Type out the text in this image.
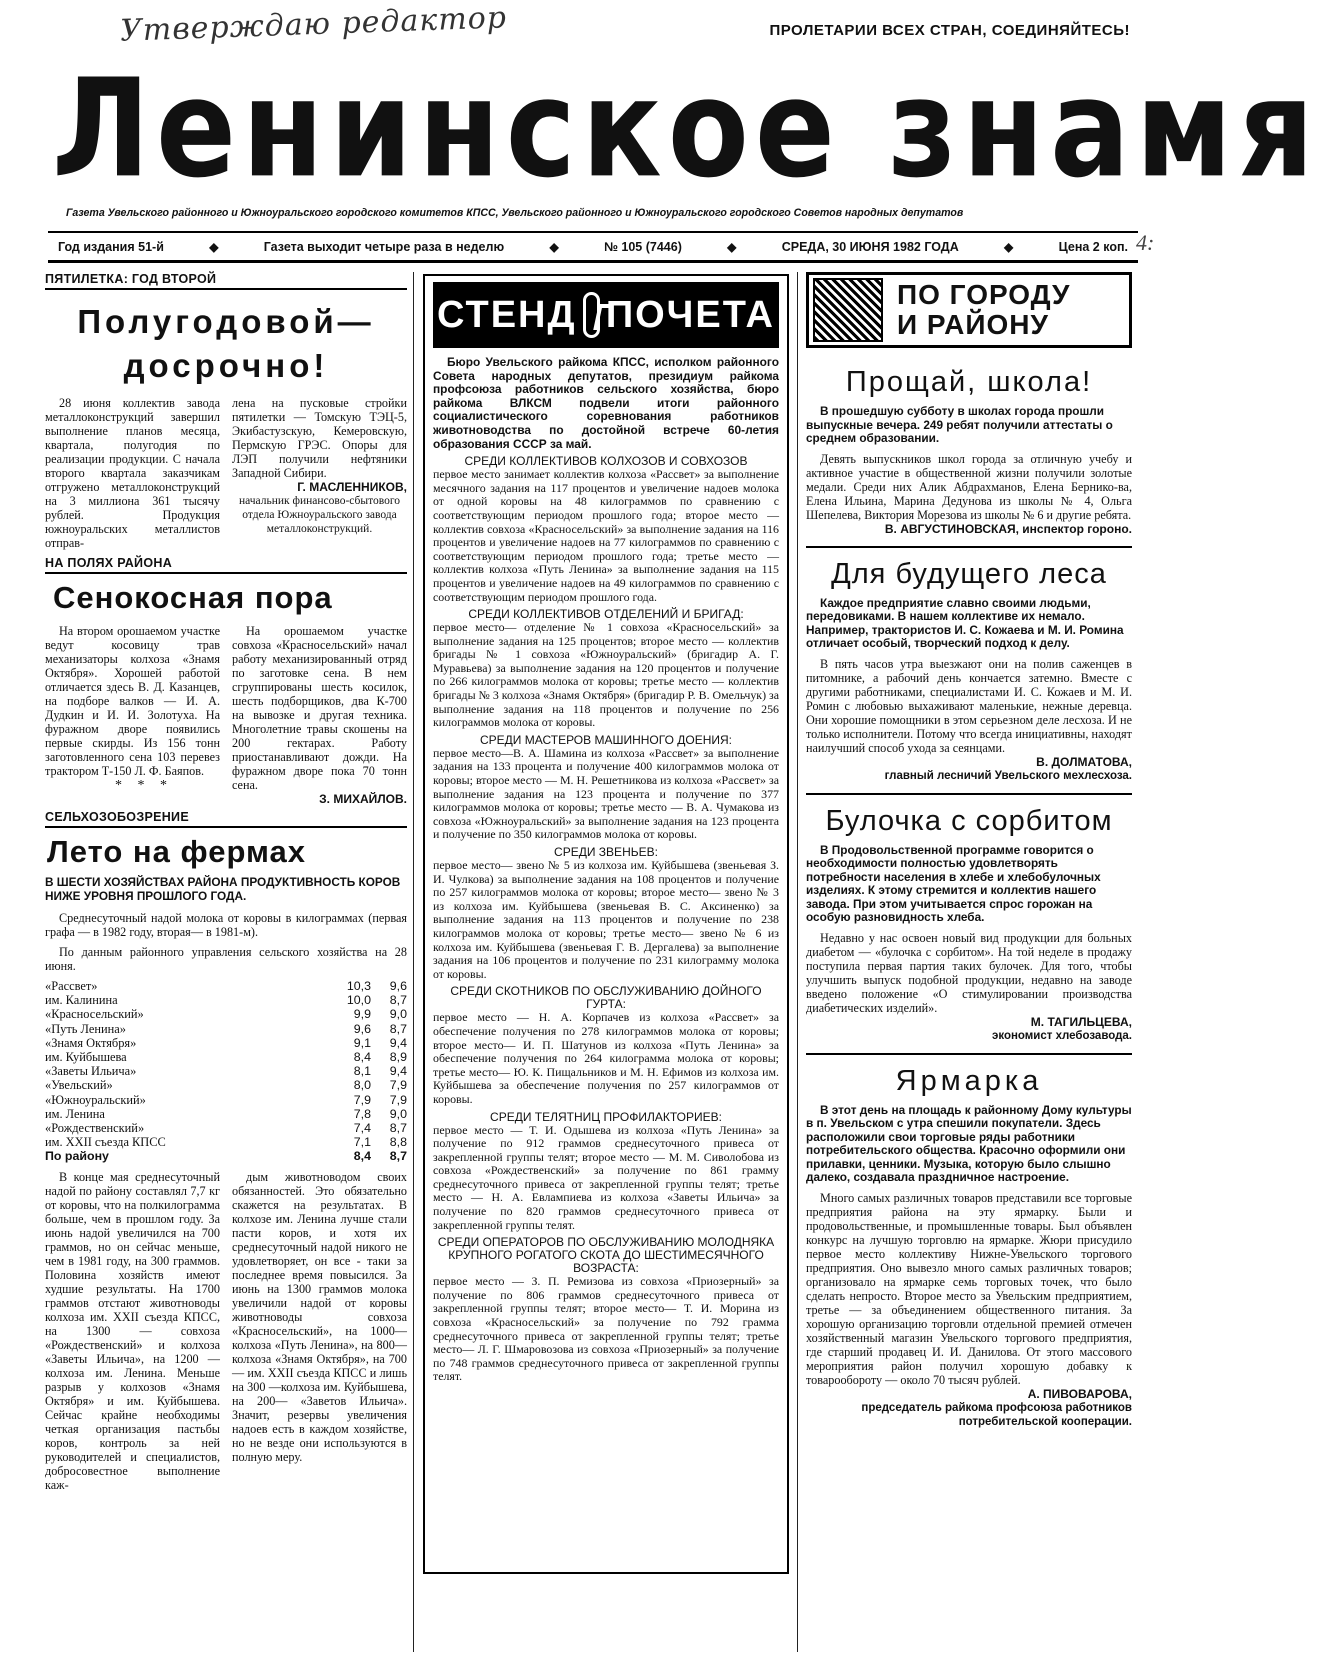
Утверждаю редактор	ПРОЛЕТАРИИ ВСЕХ СТРАН, СОЕДИНЯЙТЕСЬ!
Ленинское знамя
Газета Увельского районного и Южноуральского городского комитетов КПСС, Увельского районного и Южноуральского городского Советов народных депутатов
Год издания 51-й	◆	Газета выходит четыре раза в неделю	◆	№ 105 (7446)	◆	СРЕДА, 30 ИЮНЯ 1982 ГОДА	◆	Цена 2 коп. 4:
ПЯТИЛЕТКА: ГОД ВТОРОЙ
Полугодовой—
досрочно!
28 июня коллектив завода металлоконструкций завершил выполнение планов месяца, квартала, полугодия по реализации продукции. С начала второго квартала заказчикам отгружено металлоконструкций на 3 миллиона 361 тысячу рублей. Продукция южноуральских металлистов отправ-
лена на пусковые стройки пятилетки — Томскую ТЭЦ-5, Экибастузскую, Кемеровскую, Пермскую ГРЭС. Опоры для ЛЭП получили нефтяники Западной Сибири.
Г. МАСЛЕННИКОВ,
начальник финансово-сбытового отдела Южноуральского завода металлоконструкций.
НА ПОЛЯХ РАЙОНА
Сенокосная пора
На втором орошаемом участке ведут косовицу трав механизаторы колхоза «Знамя Октября». Хорошей работой отличается здесь В. Д. Казанцев, на подборе валков — И. А. Дудкин и И. И. Золотуха. На фуражном дворе появились первые скирды. Из 156 тонн заготовленного сена 103 перевез трактором Т-150 Л. Ф. Баяпов.
* * *
На орошаемом участке совхоза «Красносельский» начал работу механизированный отряд по заготовке сена. В нем сгруппированы шесть косилок, шесть подборщиков, два К-700 на вывозке и другая техника. Многолетние травы скошены на 200 гектарах. Работу приостанавливают дожди. На фуражном дворе пока 70 тонн сена.
З. МИХАЙЛОВ.
СЕЛЬХОЗОБОЗРЕНИЕ
Лето на фермах
В ШЕСТИ ХОЗЯЙСТВАХ РАЙОНА ПРОДУКТИВНОСТЬ КОРОВ НИЖЕ УРОВНЯ ПРОШЛОГО ГОДА.
Среднесуточный надой молока от коровы в килограммах (первая графа — в 1982 году, вторая— в 1981-м).
По данным районного управления сельского хозяйства на 28 июня.
«Рассвет»	10,3	9,6
им. Калинина	10,0	8,7
«Красносельский»	9,9	9,0
«Путь Ленина»	9,6	8,7
«Знамя Октября»	9,1	9,4
им. Куйбышева	8,4	8,9
«Заветы Ильича»	8,1	9,4
«Увельский»	8,0	7,9
«Южноуральский»	7,9	7,9
им. Ленина	7,8	9,0
«Рождественский»	7,4	8,7
им. XXII съезда КПСС	7,1	8,8
По району	8,4	8,7
В конце мая среднесуточный надой по району составлял 7,7 кг от коровы, что на полкилограмма больше, чем в прошлом году. За июнь надой увеличился на 700 граммов, но он сейчас меньше, чем в 1981 году, на 300 граммов. Половина хозяйств имеют худшие результаты. На 1700 граммов отстают животноводы колхоза им. XXII съезда КПСС, на 1300 — совхоза «Рождественский» и колхоза «Заветы Ильича», на 1200 —колхоза им. Ленина. Меньше разрыв у колхозов «Знамя Октября» и им. Куйбышева. Сейчас крайне необходимы четкая организация пастьбы коров, контроль за ней руководителей и специалистов, добросовестное выполнение каж-
дым животноводом своих обязанностей. Это обязательно скажется на результатах. В колхозе им. Ленина лучше стали пасти коров, и хотя их среднесуточный надой никого не удовлетворяет, он все - таки за последнее время повысился. За июнь на 1300 граммов молока увеличили надой от коровы животноводы совхоза «Красносельский», на 1000— колхоза «Путь Ленина», на 800— колхоза «Знамя Октября», на 700 — им. XXII съезда КПСС и лишь на 300 —колхоза им. Куйбышева, на 200— «Заветов Ильича». Значит, резервы увеличения надоев есть в каждом хозяйстве, но не везде они используются в полную меру.
СТЕНД ПОЧЕТА
Бюро Увельского райкома КПСС, исполком районного Совета народных депутатов, президиум райкома профсоюза работников сельского хозяйства, бюро райкома ВЛКСМ подвели итоги районного социалистического соревнования работников животноводства по достойной встрече 60-летия образования СССР за май.
СРЕДИ КОЛЛЕКТИВОВ КОЛХОЗОВ И СОВХОЗОВ
первое место занимает коллектив колхоза «Рассвет» за выполнение месячного задания на 117 процентов и увеличение надоев молока от одной коровы на 48 килограммов по сравнению с соответствующим периодом прошлого года; второе место — коллектив совхоза «Красносельский» за выполнение задания на 116 процентов и увеличение надоев на 77 килограммов по сравнению с соответствующим периодом прошлого года; третье место — коллектив колхоза «Путь Ленина» за выполнение задания на 115 процентов и увеличение надоев на 49 килограммов по сравнению с соответствующим периодом прошлого года.
СРЕДИ КОЛЛЕКТИВОВ ОТДЕЛЕНИЙ И БРИГАД:
первое место— отделение № 1 совхоза «Красносельский» за выполнение задания на 125 процентов; второе место — коллектив бригады № 1 совхоза «Южноуральский» (бригадир А. Г. Муравьева) за выполнение задания на 120 процентов и получение по 266 килограммов молока от коровы; третье место — коллектив бригады № 3 колхоза «Знамя Октября» (бригадир Р. В. Омельчук) за выполнение задания на 118 процентов и получение по 256 килограммов молока от коровы.
СРЕДИ МАСТЕРОВ МАШИННОГО ДОЕНИЯ:
первое место—В. А. Шамина из колхоза «Рассвет» за выполнение задания на 133 процента и получение 400 килограммов молока от коровы; второе место — М. Н. Решетникова из колхоза «Рассвет» за выполнение задания на 123 процента и получение по 377 килограммов молока от коровы; третье место — В. А. Чумакова из совхоза «Южноуральский» за выполнение задания на 123 процента и получение по 350 килограммов молока от коровы.
СРЕДИ ЗВЕНЬЕВ:
первое место— звено № 5 из колхоза им. Куйбышева (звеньевая З. И. Чулкова) за выполнение задания на 108 процентов и получение по 257 килограммов молока от коровы; второе место— звено № 3 из колхоза им. Куйбышева (звеньевая В. С. Аксиненко) за выполнение задания на 113 процентов и получение по 238 килограммов молока от коровы; третье место— звено № 6 из колхоза им. Куйбышева (звеньевая Г. В. Дергалева) за выполнение задания на 106 процентов и получение по 231 килограмму молока от коровы.
СРЕДИ СКОТНИКОВ ПО ОБСЛУЖИВАНИЮ ДОЙНОГО ГУРТА:
первое место — Н. А. Корпачев из колхоза «Рассвет» за обеспечение получения по 278 килограммов молока от коровы; второе место— И. П. Шатунов из колхоза «Путь Ленина» за обеспечение получения по 264 килограмма молока от коровы; третье место— Ю. К. Пищальников и М. Н. Ефимов из колхоза им. Куйбышева за обеспечение получения по 257 килограммов от коровы.
СРЕДИ ТЕЛЯТНИЦ ПРОФИЛАКТОРИЕВ:
первое место — Т. И. Одышева из колхоза «Путь Ленина» за получение по 912 граммов среднесуточного привеса от закрепленной группы телят; второе место — М. М. Сиволобова из совхоза «Рождественский» за получение по 861 грамму среднесуточного привеса от закрепленной группы телят; третье место — Н. А. Евлампиева из колхоза «Заветы Ильича» за получение по 820 граммов среднесуточного привеса от закрепленной группы телят.
СРЕДИ ОПЕРАТОРОВ ПО ОБСЛУЖИВАНИЮ МОЛОДНЯКА КРУПНОГО РОГАТОГО СКОТА ДО ШЕСТИМЕСЯЧНОГО ВОЗРАСТА:
первое место — З. П. Ремизова из совхоза «Приозерный» за получение по 806 граммов среднесуточного привеса от закрепленной группы телят; второе место— Т. И. Морина из совхоза «Красносельский» за получение по 792 грамма среднесуточного привеса от закрепленной группы телят; третье место— Л. Г. Шмаровозова из совхоза «Приозерный» за получение по 748 граммов среднесуточного привеса от закрепленной группы телят.
ПО ГОРОДУ
И РАЙОНУ
Прощай, школа!
В прошедшую субботу в школах города прошли выпускные вечера. 249 ребят получили аттестаты о среднем образовании.
Девять выпускников школ города за отличную учебу и активное участие в общественной жизни получили золотые медали. Среди них Алик Абдрахманов, Елена Бернико-ва, Елена Ильина, Марина Дедунова из школы № 4, Ольга Шепелева, Виктория Морезова из школы № 6 и другие ребята.
В. АВГУСТИНОВСКАЯ, инспектор гороно.
Для будущего леса
Каждое предприятие славно своими людьми, передовиками. В нашем коллективе их немало. Например, трактористов И. С. Кожаева и М. И. Ромина отличает особый, творческий подход к делу.
В пять часов утра выезжают они на полив саженцев в питомнике, а рабочий день кончается затемно. Вместе с другими работниками, специалистами И. С. Кожаев и М. И. Ромин с любовью выхаживают маленькие, нежные деревца. Они хорошие помощники в этом серьезном деле лесхоза. И не только исполнители. Потому что всегда инициативны, находят наилучший способ ухода за сеянцами.
В. ДОЛМАТОВА,
главный лесничий Увельского мехлесхоза.
Булочка с сорбитом
В Продовольственной программе говорится о необходимости полностью удовлетворять потребности населения в хлебе и хлебобулочных изделиях. К этому стремится и коллектив нашего завода. При этом учитывается спрос горожан на особую разновидность хлеба.
Недавно у нас освоен новый вид продукции для больных диабетом — «булочка с сорбитом». На той неделе в продажу поступила первая партия таких булочек. Для того, чтобы улучшить выпуск подобной продукции, недавно на заводе введено положение «О стимулировании производства диабетических изделий».
М. ТАГИЛЬЦЕВА,
экономист хлебозавода.
Ярмарка
В этот день на площадь к районному Дому культуры в п. Увельском с утра спешили покупатели. Здесь расположили свои торговые ряды работники потребительского общества. Красочно оформили они прилавки, ценники. Музыка, которую было слышно далеко, создавала праздничное настроение.
Много самых различных товаров представили все торговые предприятия района на эту ярмарку. Были и продовольственные, и промышленные товары. Был объявлен конкурс на лучшую торговлю на ярмарке. Жюри присудило первое место коллективу Нижне-Увельского торгового предприятия. Оно вывезло много самых различных товаров; организовало на ярмарке семь торговых точек, что было сделать непросто. Второе место за Увельским предприятием, третье — за объединением общественного питания. За хорошую организацию торговли отдельной премией отмечен хозяйственный магазин Увельского торгового предприятия, где старший продавец И. И. Данилова. От этого массового мероприятия район получил хорошую добавку к товарообороту — около 70 тысяч рублей.
А. ПИВОВАРОВА,
председатель райкома профсоюза работников потребительской кооперации.
